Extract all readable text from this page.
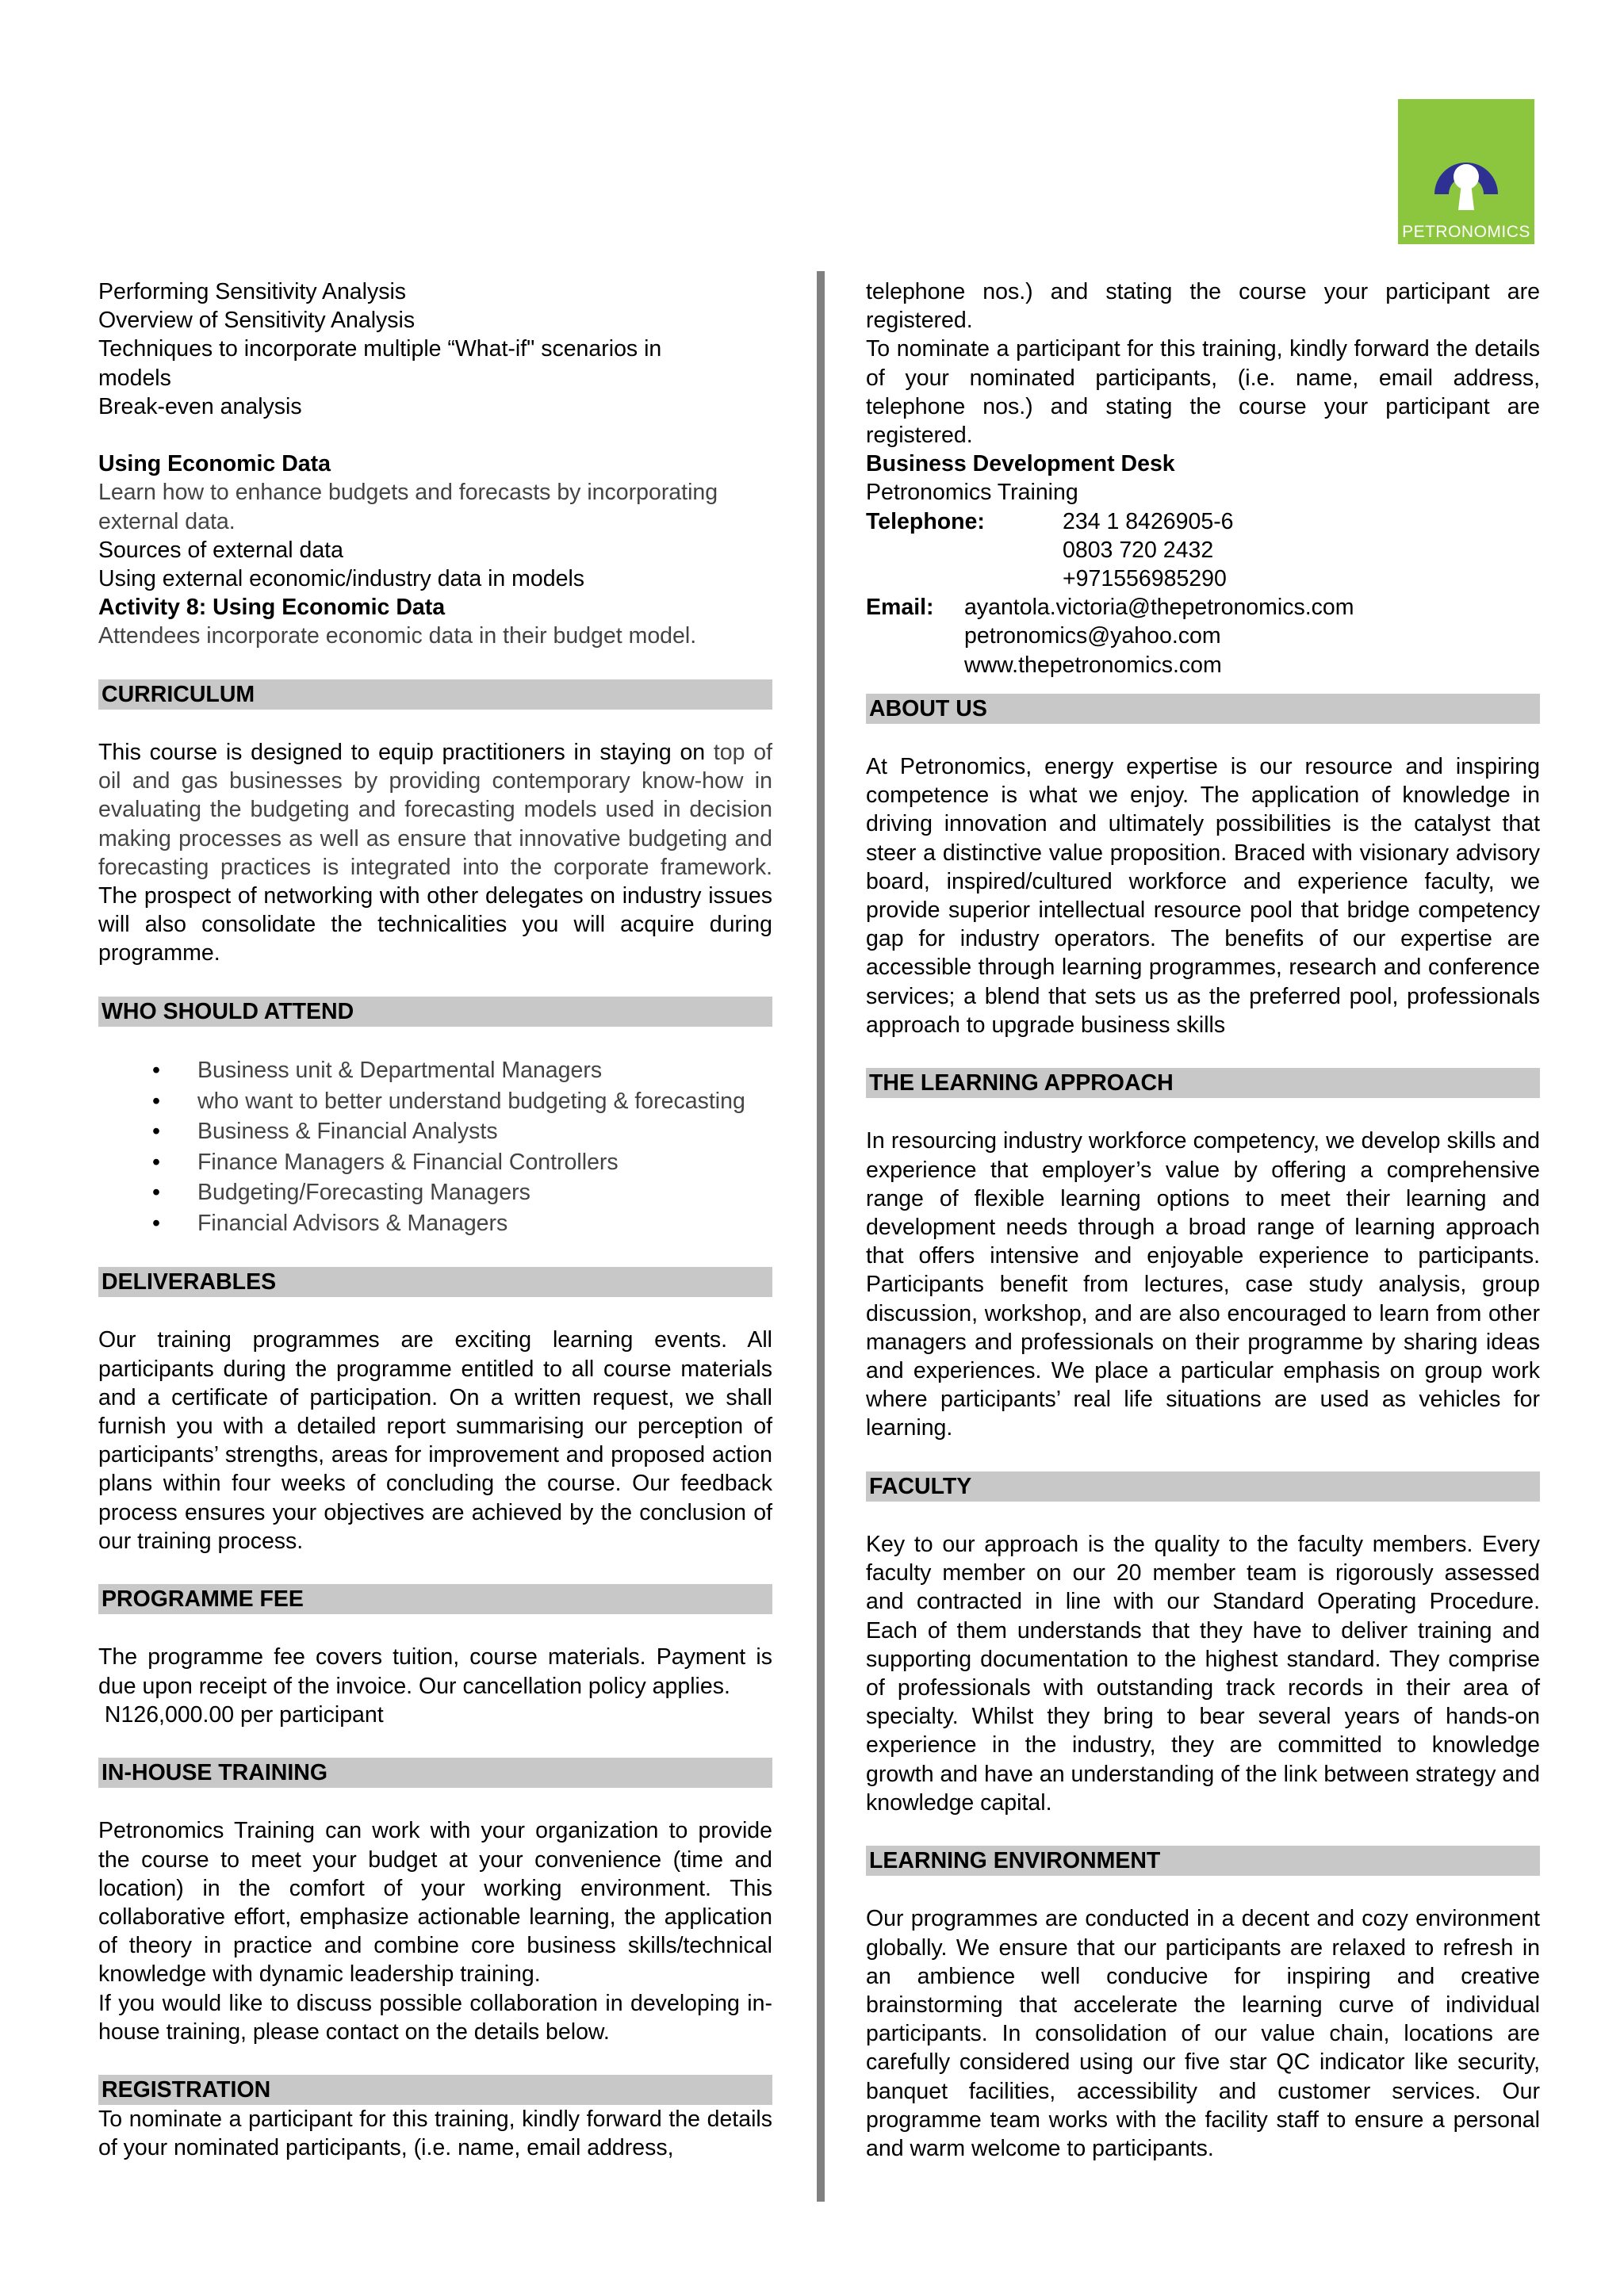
PETRONOMICS

Performing Sensitivity Analysis

Overview of Sensitivity Analysis

Techniques to incorporate multiple “What-if" scenarios in

models

Break-even analysis

Using Economic Data

Learn how to enhance budgets and forecasts by incorporating

external data.

Sources of external data

Using external economic/industry data in models

Activity 8: Using Economic Data

Attendees incorporate economic data in their budget model.

CURRICULUM

This course is designed to equip practitioners in staying on top of oil and gas businesses by providing contemporary know-how in evaluating the budgeting and forecasting models used in decision making processes as well as ensure that innovative budgeting and forecasting practices is integrated into the corporate framework. The prospect of networking with other delegates on industry issues will also consolidate the technicalities you will acquire during programme.

WHO SHOULD ATTEND
• Business unit & Departmental Managers
• who want to better understand budgeting & forecasting
• Business & Financial Analysts
• Finance Managers & Financial Controllers
• Budgeting/Forecasting Managers
• Financial Advisors & Managers
DELIVERABLES

Our training programmes are exciting learning events. All participants during the programme entitled to all course materials and a certificate of participation. On a written request, we shall furnish you with a detailed report summarising our perception of participants’ strengths, areas for improvement and proposed action plans within four weeks of concluding the course. Our feedback process ensures your objectives are achieved by the conclusion of our training process.

PROGRAMME FEE

The programme fee covers tuition, course materials. Payment is due upon receipt of the invoice. Our cancellation policy applies.

N126,000.00 per participant

IN-HOUSE TRAINING

Petronomics Training can work with your organization to provide the course to meet your budget at your convenience (time and location) in the comfort of your working environment. This collaborative effort, emphasize actionable learning, the application of theory in practice and combine core business skills/technical knowledge with dynamic leadership training.

If you would like to discuss possible collaboration in developing in-house training, please contact on the details below.

REGISTRATION

To nominate a participant for this training, kindly forward the details of your nominated participants, (i.e. name, email address,

telephone nos.) and stating the course your participant are registered.

To nominate a participant for this training, kindly forward the details of your nominated participants, (i.e. name, email address, telephone nos.) and stating the course your participant are registered.

Business Development Desk

Petronomics Training

Telephone:	234 1 8426905-6
0803 720 2432
+971556985290
Email:	ayantola.victoria@thepetronomics.com
petronomics@yahoo.com
www.thepetronomics.com
ABOUT US

At Petronomics, energy expertise is our resource and inspiring competence is what we enjoy. The application of knowledge in driving innovation and ultimately possibilities is the catalyst that steer a distinctive value proposition. Braced with visionary advisory board, inspired/cultured workforce and experience faculty, we provide superior intellectual resource pool that bridge competency gap for industry operators. The benefits of our expertise are accessible through learning programmes, research and conference services; a blend that sets us as the preferred pool, professionals approach to upgrade business skills

THE LEARNING APPROACH

In resourcing industry workforce competency, we develop skills and experience that employer’s value by offering a comprehensive range of flexible learning options to meet their learning and development needs through a broad range of learning approach that offers intensive and enjoyable experience to participants. Participants benefit from lectures, case study analysis, group discussion, workshop, and are also encouraged to learn from other managers and professionals on their programme by sharing ideas and experiences. We place a particular emphasis on group work where participants’ real life situations are used as vehicles for learning.

FACULTY

Key to our approach is the quality to the faculty members. Every faculty member on our 20 member team is rigorously assessed and contracted in line with our Standard Operating Procedure. Each of them understands that they have to deliver training and supporting documentation to the highest standard. They comprise of professionals with outstanding track records in their area of specialty. Whilst they bring to bear several years of hands-on experience in the industry, they are committed to knowledge growth and have an understanding of the link between strategy and knowledge capital.

LEARNING ENVIRONMENT

Our programmes are conducted in a decent and cozy environment globally. We ensure that our participants are relaxed to refresh in an ambience well conducive for inspiring and creative brainstorming that accelerate the learning curve of individual participants. In consolidation of our value chain, locations are carefully considered using our five star QC indicator like security, banquet facilities, accessibility and customer services. Our programme team works with the facility staff to ensure a personal and warm welcome to participants.
